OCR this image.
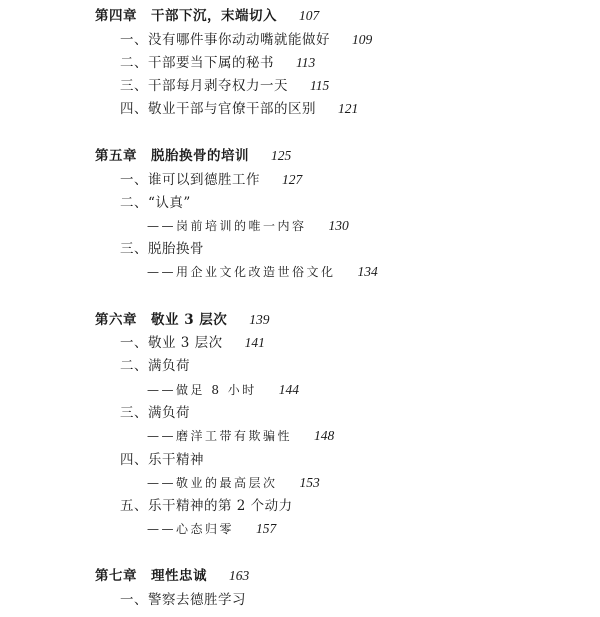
第四章 干部下沉，末端切入 107
一、没有哪件事你动动嘴就能做好 109
二、干部要当下属的秘书 113
三、干部每月剥夺权力一天 115
四、敬业干部与官僚干部的区别 121
第五章 脱胎换骨的培训 125
一、谁可以到德胜工作 127
二、“认真”
——岗前培训的唯一内容 130
三、脱胎换骨
——用企业文化改造世俗文化 134
第六章 敬业 3 层次 139
一、敬业 3 层次 141
二、满负荷
——做足 8 小时 144
三、满负荷
——磨洋工带有欺骗性 148
四、乐干精神
——敬业的最高层次 153
五、乐干精神的第 2 个动力
——心态归零 157
第七章 理性忠诚 163
一、警察去德胜学习
